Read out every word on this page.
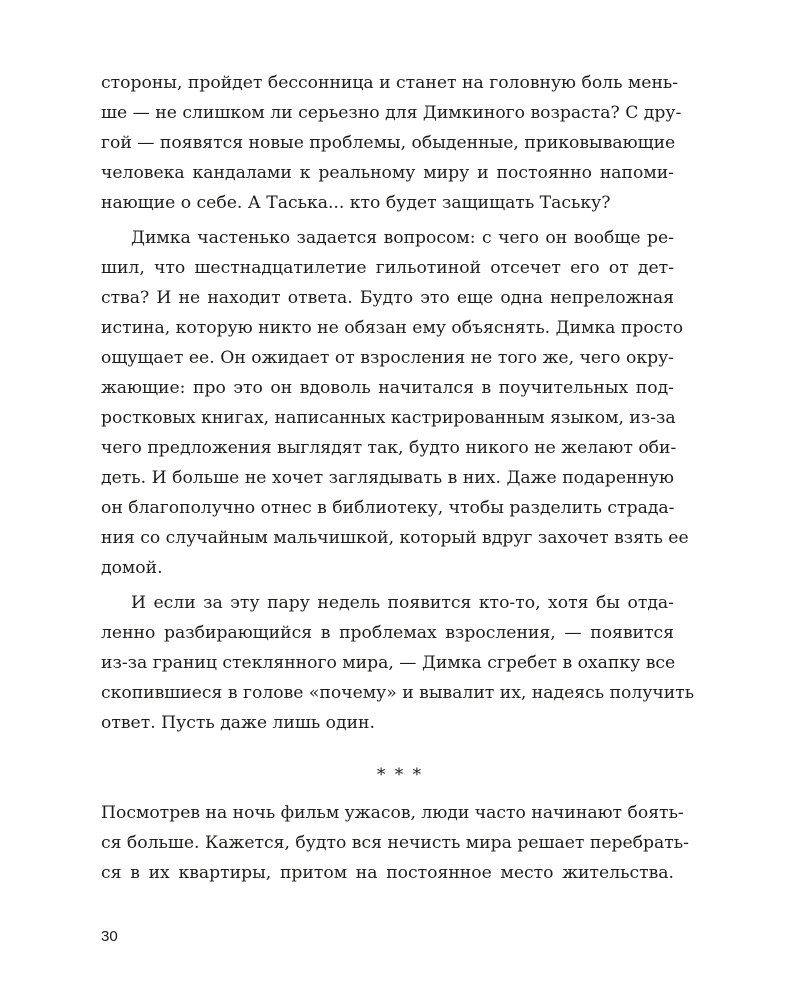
стороны, пройдет бессонница и станет на головную боль мень-

ше — не слишком ли серьезно для Димкиного возраста? С дру-

гой — появятся новые проблемы, обыденные, приковывающие

человека кандалами к реальному миру и постоянно напоми-

нающие о себе. А Таська... кто будет защищать Таську?

Димка частенько задается вопросом: с чего он вообще ре-

шил, что шестнадцатилетие гильотиной отсечет его от дет-

ства? И не находит ответа. Будто это еще одна непреложная

истина, которую никто не обязан ему объяснять. Димка просто

ощущает ее. Он ожидает от взросления не того же, чего окру-

жающие: про это он вдоволь начитался в поучительных под-

ростковых книгах, написанных кастрированным языком, из-за

чего предложения выглядят так, будто никого не желают оби-

деть. И больше не хочет заглядывать в них. Даже подаренную

он благополучно отнес в библиотеку, чтобы разделить страда-

ния со случайным мальчишкой, который вдруг захочет взять ее

домой.

И если за эту пару недель появится кто-то, хотя бы отда-

ленно разбирающийся в проблемах взросления, — появится

из-за границ стеклянного мира, — Димка сгребет в охапку все

скопившиеся в голове «почему» и вывалит их, надеясь получить

ответ. Пусть даже лишь один.

* * *

Посмотрев на ночь фильм ужасов, люди часто начинают боять-

ся больше. Кажется, будто вся нечисть мира решает перебрать-

ся в их квартиры, притом на постоянное место жительства.

30
